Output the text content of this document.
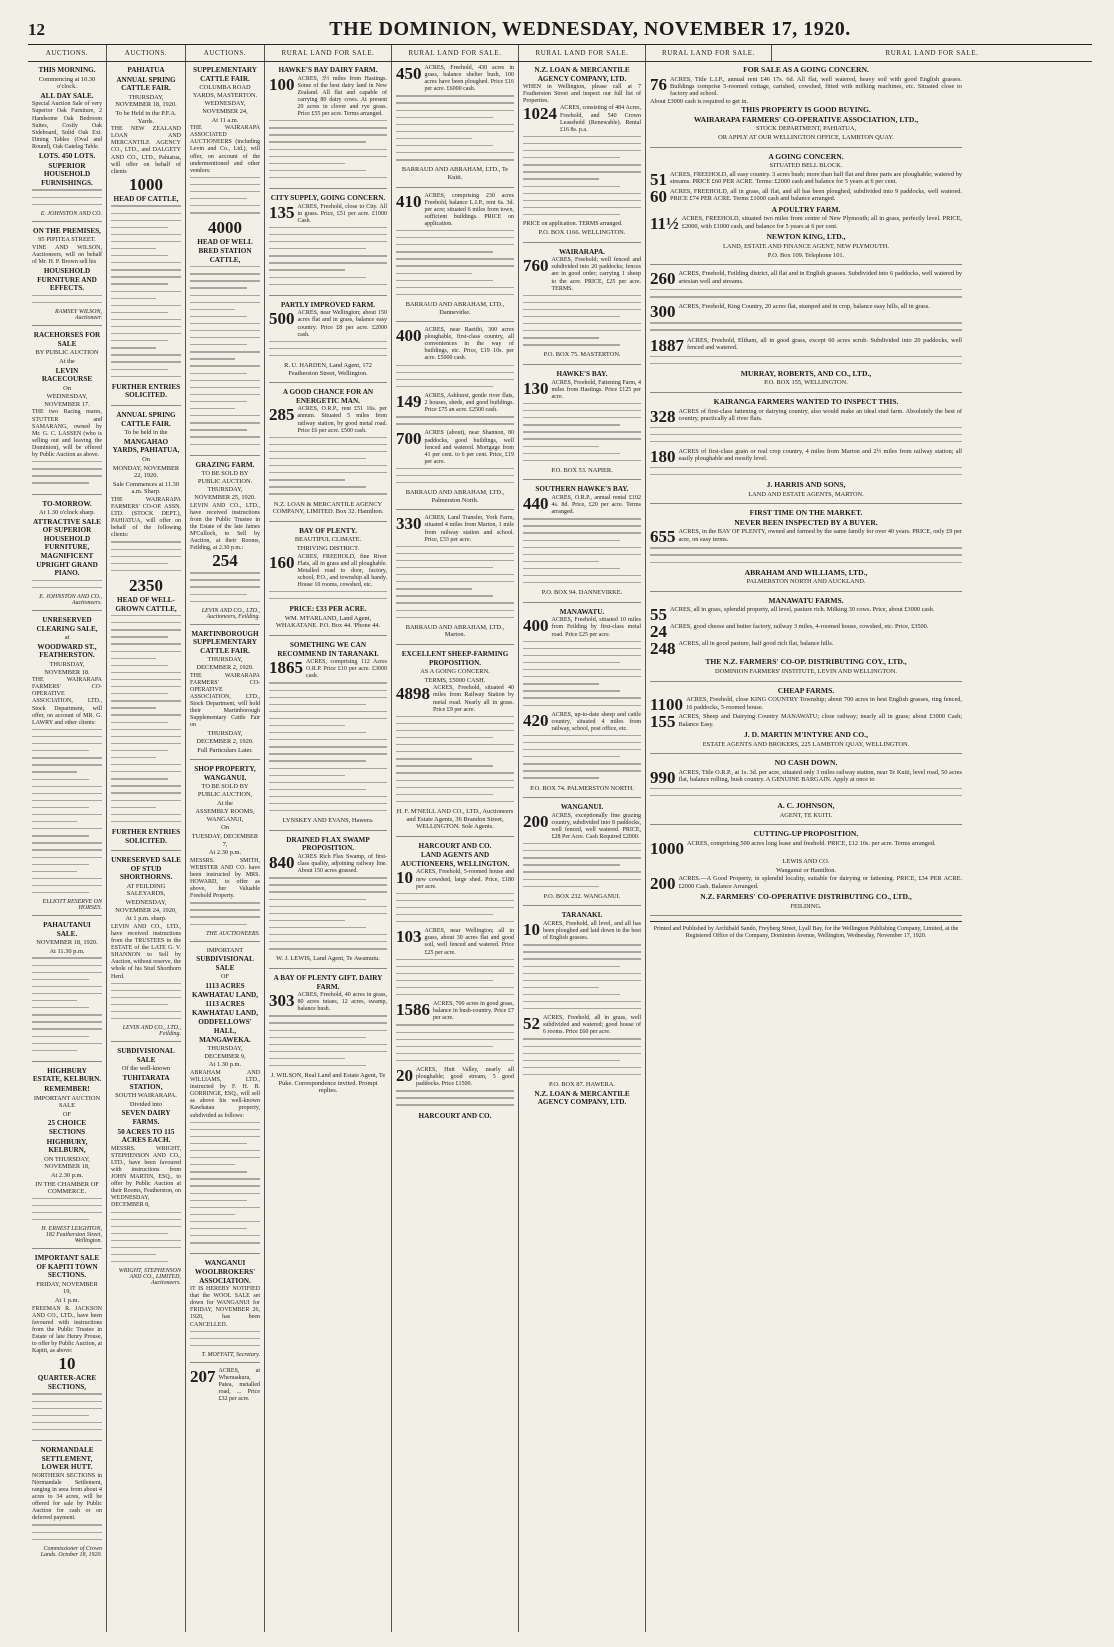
12	THE DOMINION, WEDNESDAY, NOVEMBER 17, 1920.
AUCTIONS.	AUCTIONS.	AUCTIONS.	RURAL LAND FOR SALE.	RURAL LAND FOR SALE.	RURAL LAND FOR SALE.	RURAL LAND FOR SALE.	RURAL LAND FOR SALE.
THIS MORNING.
Commencing at 10.30 o'clock.
ALL DAY SALE.
Special Auction Sale of very Superior Oak Furniture, 2 Handsome Oak Bedroom Suites, Costly Oak Sideboard, Solid Oak Ext. Dining Tables (Oval and Round), Oak Gateleg Table.
LOTS. 450 LOTS.
SUPERIOR HOUSEHOLD FURNISHINGS.
E. JOHNSTON AND CO.
ON THE PREMISES,
95 PIPITEA STREET.
VINE AND WILSON, Auctioneers, will on behalf of Mr. H. P. Brown sell his
HOUSEHOLD FURNITURE AND EFFECTS.
RAMSEY WILSON, Auctioneer.
RACEHORSES FOR SALE
BY PUBLIC AUCTION
At the
LEVIN RACECOURSE
On
WEDNESDAY, NOVEMBER 17.
THE two Racing mares, STUTTER and SAMARANG, owned by Mr. G. C. LASSEN (who is selling out and leaving the Dominion), will be offered by Public Auction as above.
TO-MORROW.
At 1.30 o'clock sharp.
ATTRACTIVE SALE OF SUPERIOR HOUSEHOLD FURNITURE, MAGNIFICENT UPRIGHT GRAND PIANO.
E. JOHNSTON AND CO., Auctioneers.
UNRESERVED CLEARING SALE,
at
WOODWARD ST., FEATHERSTON.
THURSDAY, NOVEMBER 18.
THE WAIRARAPA FARMERS' CO-OPERATIVE ASSOCIATION, LTD., Stock Department, will offer, on account of MR. G. LAWRY and other clients:
ELLIOTT RESERVE ON HORSES.
PAHAUTANUI SALE.
NOVEMBER 18, 1920.
At 11.30 p.m.
HIGHBURY ESTATE, KELBURN.
REMEMBER!
IMPORTANT AUCTION SALE
OF
25 CHOICE SECTIONS
HIGHBURY, KELBURN,
ON THURSDAY, NOVEMBER 18,
At 2.30 p.m.
IN THE CHAMBER OF COMMERCE.
H. ERNEST LEIGHTON, 182 Featherston Street, Wellington.
IMPORTANT SALE OF KAPITI TOWN SECTIONS.
FRIDAY, NOVEMBER 19,
At 1 p.m.
FREEMAN R. JACKSON AND CO., LTD., have been favoured with instructions from the Public Trustee in Estate of late Henry Prouse, to offer by Public Auction, at Kapiti, as above:
10
QUARTER-ACRE SECTIONS,
NORMANDALE SETTLEMENT, LOWER HUTT.
NORTHERN SECTIONS in Normandale Settlement, ranging in area from about 4 acres to 34 acres, will be offered for sale by Public Auction for cash or on deferred payment.
Commissioner of Crown Lands. October 18, 1920.
PAHIATUA
ANNUAL SPRING CATTLE FAIR.
THURSDAY, NOVEMBER 18, 1920.
To be Held in the P.F.A. Yards.
THE NEW ZEALAND LOAN AND MERCANTILE AGENCY CO., LTD., and DALGETY AND CO., LTD., Pahiatua, will offer on behalf of clients
1000
HEAD OF CATTLE,
FURTHER ENTRIES SOLICITED.
ANNUAL SPRING CATTLE FAIR.
To be held in the
MANGAHAO YARDS, PAHIATUA,
On
MONDAY, NOVEMBER 22, 1920.
Sale Commences at 11.30 a.m. Sharp.
THE WAIRARAPA FARMERS' CO-OP. ASSN. LTD. (STOCK DEPT.), PAHIATUA, will offer on behalf of the following clients:
2350
HEAD OF WELL-GROWN CATTLE,
FURTHER ENTRIES SOLICITED.
UNRESERVED SALE OF STUD SHORTHORNS.
AT FEILDING SALEYARDS,
WEDNESDAY, NOVEMBER 24, 1920,
At 1 p.m. sharp.
LEVIN AND CO., LTD., have received instructions from the TRUSTEES in the ESTATE of the LATE G. V. SHANNON to Sell by Auction, without reserve, the whole of his Stud Shorthorn Herd.
LEVIN AND CO., LTD., Feilding.
SUBDIVISIONAL SALE
Of the well-known
TUHITARATA STATION,
SOUTH WAIRARAPA.
Divided into
SEVEN DAIRY FARMS.
50 ACRES TO 115 ACRES EACH.
MESSRS. WRIGHT, STEPHENSON AND CO., LTD., have been favoured with instructions from JOHN MARTIN, ESQ., to offer by Public Auction at their Rooms, Featherston, on WEDNESDAY, DECEMBER 8,
WRIGHT, STEPHENSON AND CO., LIMITED, Auctioneers.
SUPPLEMENTARY CATTLE FAIR.
COLUMBA ROAD YARDS, MASTERTON.
WEDNESDAY, NOVEMBER 24,
At 11 a.m.
THE WAIRARAPA ASSOCIATED AUCTIONEERS (including Levin and Co., Ltd.), will offer, on account of the undermentioned and other vendors:
4000
HEAD OF WELL BRED STATION CATTLE,
GRAZING FARM.
TO BE SOLD BY PUBLIC AUCTION.
THURSDAY, NOVEMBER 25, 1920.
LEVIN AND CO., LTD., have received instructions from the Public Trustee in the Estate of the late James M'Culloch, to Sell by Auction, at their Rooms, Feilding, at 2.30 p.m.:
254
LEVIN AND CO., LTD., Auctioneers, Feilding.
MARTINBOROUGH SUPPLEMENTARY CATTLE FAIR.
THURSDAY, DECEMBER 2, 1920.
THE WAIRARAPA FARMERS' CO-OPERATIVE ASSOCIATION, LTD., Stock Department, will hold their Martinborough Supplementary Cattle Fair on
THURSDAY, DECEMBER 2, 1920.
Full Particulars Later.
SHOP PROPERTY, WANGANUI.
TO BE SOLD BY PUBLIC AUCTION,
At the
ASSEMBLY ROOMS, WANGANUI,
On
TUESDAY, DECEMBER 7,
At 2.30 p.m.
MESSRS. SMITH, WEBSTER AND CO. have been instructed by MRS. HOWARD, to offer as above, her Valuable Freehold Property.
THE AUCTIONEERS.
IMPORTANT
SUBDIVISIONAL SALE
OF
1113 ACRES KAWHATAU LAND,
1113 ACRES KAWHATAU LAND,
ODDFELLOWS' HALL, MANGAWEKA.
THURSDAY, DECEMBER 9,
At 1.30 p.m.
ABRAHAM AND WILLIAMS, LTD., instructed by F. H. B. GORRINGE, ESQ., will sell as above his well-known Kawhatau property, subdivided as follows:
WANGANUI WOOLBROKERS' ASSOCIATION.
IT IS HEREBY NOTIFIED that the WOOL SALE set down for WANGANUI for FRIDAY, NOVEMBER 26, 1920, has been CANCELLED.
T. MOFFATT, Secretary.
207 ACRES, at Whenuakura, Patea, metalled road, ... Price £32 per acre.
HAWKE'S BAY DAIRY FARM.
100 ACRES, 3½ miles from Hastings. Some of the best dairy land in New Zealand. All flat and capable of carrying 80 dairy cows. At present 20 acres in clover and rye grass. Price £55 per acre. Terms arranged.
CITY SUPPLY, GOING CONCERN.
135 ACRES, Freehold, close to City. All in grass. Price, £51 per acre. £1000 Cash.
PARTLY IMPROVED FARM.
500 ACRES, near Wellington; about 150 acres flat and in grass, balance easy country. Price £8 per acre. £2000 cash.
R. U. HARDEN, Land Agent, 172 Featherston Street, Wellington.
A GOOD CHANCE FOR AN ENERGETIC MAN.
285 ACRES, O.R.P., rent £51 16s. per annum. Situated 5 miles from railway station, by good metal road. Price £6 per acre. £500 cash.
N.Z. LOAN & MERCANTILE AGENCY COMPANY, LIMITED. Box 32. Hamilton.
BAY OF PLENTY.
BEAUTIFUL CLIMATE.
THRIVING DISTRICT.
160 ACRES, FREEHOLD, fine River Flats, all in grass and all ploughable. Metalled road to door, factory, school, P.O., and township all handy. House 10 rooms, cowshed, etc.
PRICE: £33 PER ACRE.
WM. M'FARLAND, Land Agent, WHAKATANE. P.O. Box 44. 'Phone 44.
SOMETHING WE CAN RECOMMEND IN TARANAKI.
1865 ACRES, comprising 112 Acres O.R.P. Price £10 per acre. £3000 cash.
LYNSKEY AND EVANS, Hawera.
DRAINED FLAX SWAMP PROPOSITION.
840 ACRES Rich Flax Swamp, of first-class quality, adjoining railway line. About 150 acres grassed.
W. J. LEWIS, Land Agent, Te Awamutu.
A BAY OF PLENTY GIFT. DAIRY FARM.
303 ACRES, Freehold, 40 acres in grass, 80 acres tutaes, 12 acres, swamp, balance bush.
J. WILSON, Real Land and Estate Agent, Te Puke. Correspondence invited. Prompt replies.
450 ACRES, Freehold, 430 acres in grass, balance shelter bush, 100 acres have been ploughed. Price £16 per acre. £6000 cash.
BARRAUD AND ABRAHAM, LTD., Te Kuiti.
410 ACRES, comprising 230 acres Freehold, balance L.I.P., rent 6s. 3d. per acre; situated 6 miles from town, sufficient buildings. PRICE on application.
BARRAUD AND ABRAHAM, LTD., Dannevirke.
400 ACRES, near Raetihi, 300 acres ploughable, first-class country, all conveniences in the way of buildings, etc. Price, £19 10s. per acre. £5000 cash.
149 ACRES, Ashhurst, gentle river flats, 2 houses, sheds, and good buildings. Price £75 an acre. £2500 cash.
700 ACRES (about), near Shannon, 80 paddocks, good buildings, well fenced and watered. Mortgage from 41 per cent. to 6 per cent. Price, £19 per acre.
BARRAUD AND ABRAHAM, LTD., Palmerston North.
330 ACRES, Land Transfer, York Farm, situated 4 miles from Marton, 1 mile from railway station and school. Price, £33 per acre.
BARRAUD AND ABRAHAM, LTD., Marton.
EXCELLENT SHEEP-FARMING PROPOSITION.
AS A GOING CONCERN.
TERMS, £5000 CASH.
4898 ACRES, Freehold, situated 40 miles from Railway Station by metal road. Nearly all in grass. Price £9 per acre.
H. F. M'NEILL AND CO., LTD., Auctioneers and Estate Agents, 36 Brandon Street, WELLINGTON. Sole Agents.
HARCOURT AND CO.
LAND AGENTS AND AUCTIONEERS, WELLINGTON.
10 ACRES, Freehold, 5-roomed house and new cowshed, large shed. Price, £180 per acre.
103 ACRES, near Wellington; all in grass, about 30 acres flat and good soil, well fenced and watered. Price £25 per acre.
1586 ACRES, 700 acres in good grass, balance in bush-country. Price £7 per acre.
20 ACRES, Hutt Valley, nearly all ploughable; good stream, 5 good paddocks. Price £1500.
HARCOURT AND CO.
N.Z. LOAN & MERCANTILE AGENCY COMPANY, LTD.
WHEN in Wellington, please call at 7 Featherston Street and inspect our full list of Properties.
1024 ACRES, consisting of 484 Acres, Freehold, and 540 Crown Leasehold (Renewable). Rental £16 8s. p.a.
PRICE on application. TERMS arranged.
P.O. BOX 1166. WELLINGTON.
WAIRARAPA.
760 ACRES, Freehold; well fenced and subdivided into 20 paddocks; fences are in good order; carrying 1 sheep to the acre. PRICE, £25 per acre. TERMS.
P.O. BOX 75. MASTERTON.
HAWKE'S BAY.
130 ACRES, Freehold, Fattening Farm, 4 miles from Hastings. Price £125 per acre.
P.O. BOX 53. NAPIER.
SOUTHERN HAWKE'S BAY.
440 ACRES, O.R.P., annual rental £102 4s. 8d. Price, £20 per acre. Terms arranged.
P.O. BOX 94. DANNEVIRKE.
MANAWATU.
400 ACRES, Freehold, situated 10 miles from Feilding by first-class metal road. Price £25 per acre.
420 ACRES, up-to-date sheep and cattle country, situated 4 miles from railway, school, post office, etc.
P.O. BOX 74. PALMERSTON NORTH.
WANGANUI.
200 ACRES, exceptionally fine grazing country, subdivided into 8 paddocks, well fenced, well watered. PRICE, £28 Per Acre. Cash Required £2000.
P.O. BOX 232. WANGANUI.
TARANAKI.
10 ACRES, Freehold, all level, and all has been ploughed and laid down in the best of English grasses.
52 ACRES, Freehold, all in grass, well subdivided and watered; good house of 6 rooms. Price £60 per acre.
P.O. BOX 87. HAWERA.
N.Z. LOAN & MERCANTILE AGENCY COMPANY, LTD.
FOR SALE AS A GOING CONCERN.
76 ACRES, Title L.I.P., annual rent £46 17s. 6d. All flat, well watered, heavy soil with good English grasses. Buildings comprise 5-roomed cottage, cartshed, cowshed, fitted with milking machines, etc. Situated close to factory and school.
About £3000 cash is required to get in.
THIS PROPERTY IS GOOD BUYING.
WAIRARAPA FARMERS' CO-OPERATIVE ASSOCIATION, LTD.,
STOCK DEPARTMENT, PAHIATUA,
OR APPLY AT OUR WELLINGTON OFFICE, LAMBTON QUAY.
A GOING CONCERN.
SITUATED BELL BLOCK.
51 ACRES, FREEHOLD, all easy country. 3 acres bush; more than half flat and three parts are ploughable; watered by streams. PRICE £60 PER ACRE. Terms: £2000 cash and balance for 5 years at 6 per cent.
60 ACRES, FREEHOLD, all in grass, all flat, and all has been ploughed, subdivided into 9 paddocks, well watered. PRICE £74 PER ACRE. Terms £1000 cash and balance arranged.
A POULTRY FARM.
11½ ACRES, FREEHOLD, situated two miles from centre of New Plymouth; all in grass, perfectly level. PRICE, £2000, with £1000 cash, and balance for 5 years at 6 per cent.
NEWTON KING, LTD.,
LAND, ESTATE AND FINANCE AGENT, NEW PLYMOUTH.
P.O. Box 109. Telephone 101.
260 ACRES, Freehold, Feilding district, all flat and in English grasses. Subdivided into 6 paddocks, well watered by artesian well and streams.
300 ACRES, Freehold, King Country, 20 acres flat, stumped and in crop, balance easy hills, all in grass.
1887 ACRES, Freehold, Eltham, all in good grass, except 60 acres scrub. Subdivided into 20 paddocks, well fenced and watered.
MURRAY, ROBERTS, AND CO., LTD.,
P.O. BOX 155, WELLINGTON.
KAIRANGA FARMERS WANTED TO INSPECT THIS.
328 ACRES of first-class fattening or dairying country, also would make an ideal stud farm. Absolutely the best of country, practically all river flats.
180 ACRES of first-class grain or real crop country, 4 miles from Marton and 2½ miles from railway station; all easily ploughable and mostly level.
J. HARRIS AND SONS,
LAND AND ESTATE AGENTS, MARTON.
FIRST TIME ON THE MARKET.
NEVER BEEN INSPECTED BY A BUYER.
655 ACRES, in the BAY OF PLENTY, owned and farmed by the same family for over 40 years. PRICE, only £9 per acre, on easy terms.
ABRAHAM AND WILLIAMS, LTD.,
PALMERSTON NORTH AND AUCKLAND.
MANAWATU FARMS.
55 ACRES, all in grass, splendid property, all level, pasture rich. Milking 30 cows. Price, about £3000 cash.
24 ACRES, good cheese and butter factory, railway 3 miles, 4-roomed house, cowshed, etc. Price, £3500.
248 ACRES, all in good pasture, half good rich flat, balance hills.
THE N.Z. FARMERS' CO-OP. DISTRIBUTING COY., LTD.,
DOMINION FARMERS' INSTITUTE, LEVIN AND WELLINGTON.
CHEAP FARMS.
1100 ACRES, Freehold, close KING COUNTRY Township; about 700 acres in best English grasses, ring fenced, 16 paddocks, 5-roomed house.
155 ACRES, Sheep and Dairying Country MANAWATU; close railway; nearly all in grass; about £3000 Cash; Balance Easy.
J. D. MARTIN M'INTYRE AND CO.,
ESTATE AGENTS AND BROKERS, 225 LAMBTON QUAY, WELLINGTON.
NO CASH DOWN.
990 ACRES, Title O.R.P., at 1s. 3d. per acre, situated only 3 miles railway station, near Te Kuiti, level road, 50 acres flat, balance rolling, bush country. A GENUINE BARGAIN. Apply at once to
A. C. JOHNSON,
AGENT, TE KUITI.
CUTTING-UP PROPOSITION.
1000 ACRES, comprising 500 acres long lease and freehold. PRICE, £12 10s. per acre. Terms arranged.
LEWIS AND CO.
Wanganui or Hamilton.
200 ACRES.—A Good Property, in splendid locality, suitable for dairying or fattening. PRICE, £34 PER ACRE. £2000 Cash. Balance Arranged.
N.Z. FARMERS' CO-OPERATIVE DISTRIBUTING CO., LTD.,
FEILDING.
Printed and Published by Archibald Sando, Freyberg Street, Lyall Bay, for the Wellington Publishing Company, Limited, at the Registered Office of the Company, Dominion Avenue, Wellington, Wednesday, November 17, 1920.
